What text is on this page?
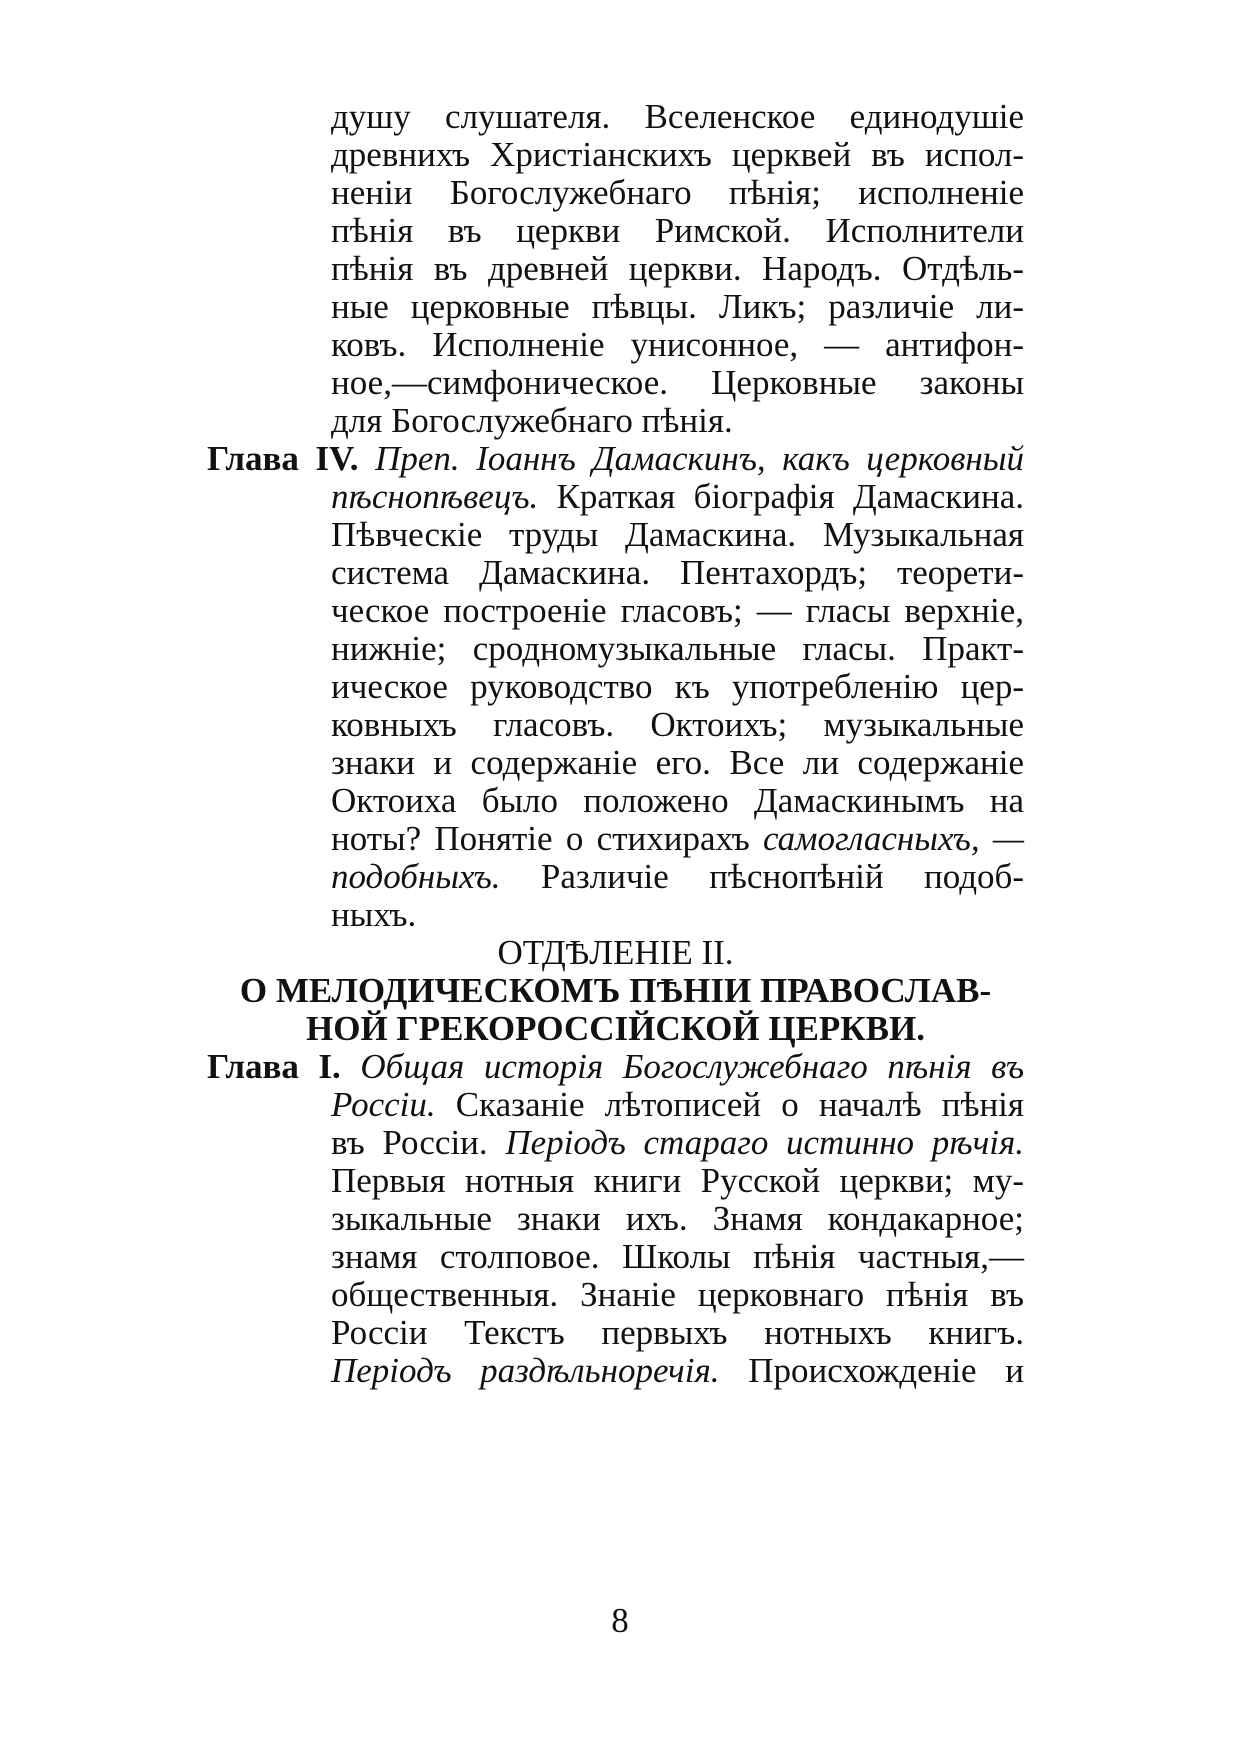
душу слушателя. Вселенское единодушіе
древнихъ Христіанскихъ церквей въ испол-
неніи Богослужебнаго пѣнія; исполненіе
пѣнія въ церкви Римской. Исполнители
пѣнія въ древней церкви. Народъ. Отдѣль-
ные церковные пѣвцы. Ликъ; различіе ли-
ковъ. Исполненіе унисонное, — антифон-
ное,—симфоническое. Церковные законы
для Богослужебнаго пѣнія.
Глава IV. Преп. Іоаннъ Дамаскинъ, какъ церковный
пѣснопѣвецъ. Краткая біографія Дамаскина.
Пѣвческіе труды Дамаскина. Музыкальная
система Дамаскина. Пентахордъ; теорети-
ческое построеніе гласовъ; — гласы верхніе,
нижніе; сродномузыкальные гласы. Практ-
ическое руководство къ употребленію цер-
ковныхъ гласовъ. Октоихъ; музыкальные
знаки и содержаніе его. Все ли содержаніе
Октоиха было положено Дамаскинымъ на
ноты? Понятіе о стихирахъ самогласныхъ, —
подобныхъ. Различіе пѣснопѣній подоб-
ныхъ.
ОТДѢЛЕНІЕ II.
О МЕЛОДИЧЕСКОМЪ ПѢНІИ ПРАВОСЛАВ-
НОЙ ГРЕКОРОССІЙСКОЙ ЦЕРКВИ.
Глава I. Общая исторія Богослужебнаго пѣнія въ
Россіи. Сказаніе лѣтописей о началѣ пѣнія
въ Россіи. Періодъ стараго истинно рѣчія.
Первыя нотныя книги Русской церкви; му-
зыкальные знаки ихъ. Знамя кондакарное;
знамя столповое. Школы пѣнія частныя,—
общественныя. Знаніе церковнаго пѣнія въ
Россіи Текстъ первыхъ нотныхъ книгъ.
Періодъ раздѣльноречія. Происхожденіе и
8
